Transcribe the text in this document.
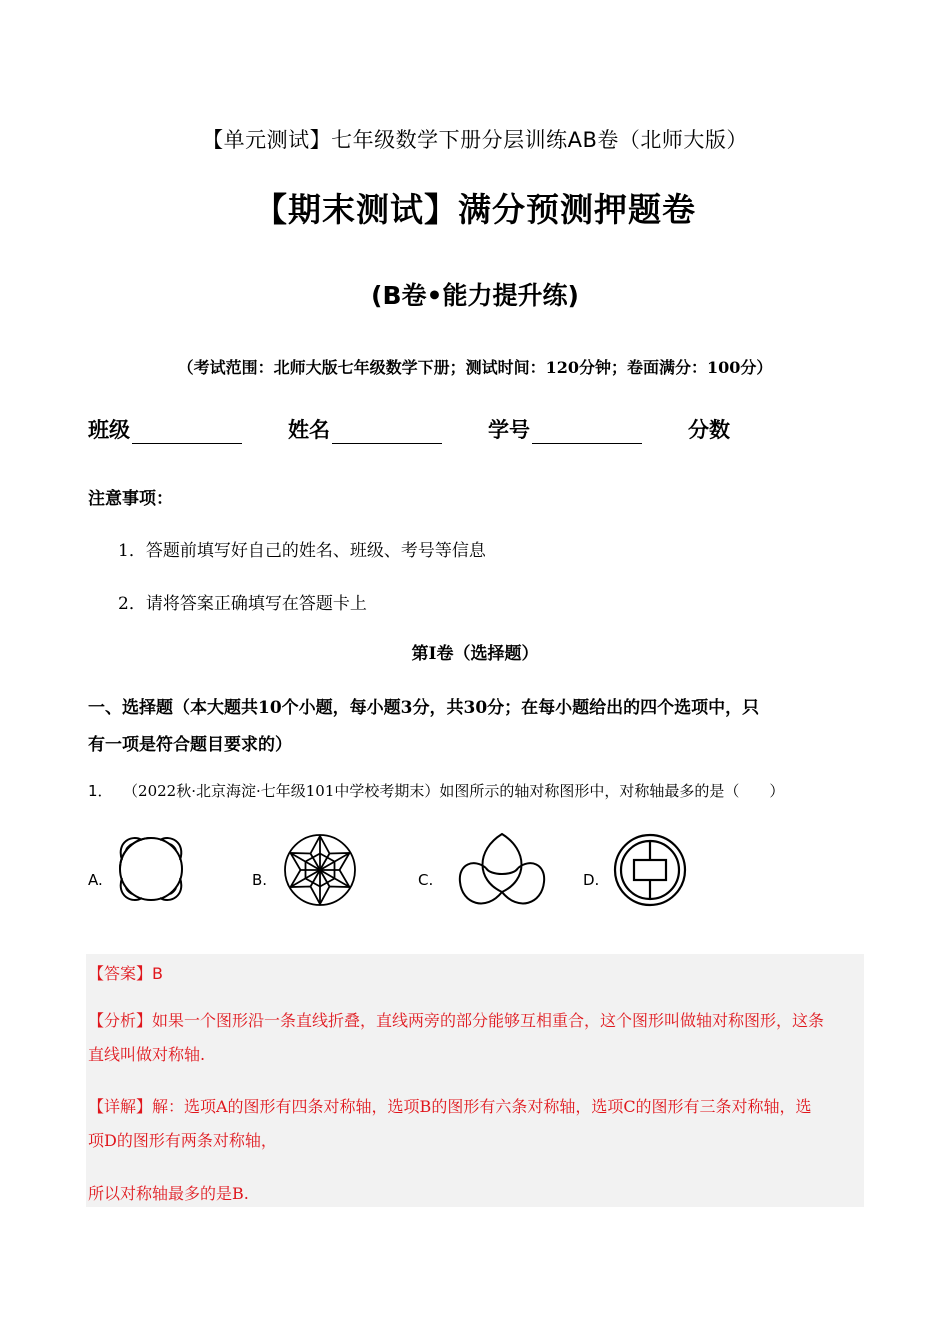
【单元测试】七年级数学下册分层训练AB卷（北师大版）
【期末测试】满分预测押题卷
(B卷•能力提升练)
（考试范围：北师大版七年级数学下册；测试时间：120分钟；卷面满分：100分）
班级	姓名	学号	分数
注意事项：
1．答题前填写好自己的姓名、班级、考号等信息
2．请将答案正确填写在答题卡上
第I卷（选择题）
一、选择题（本大题共10个小题，每小题3分，共30分；在每小题给出的四个选项中，只
有一项是符合题目要求的）
1． （2022秋·北京海淀·七年级101中学校考期末）如图所示的轴对称图形中，对称轴最多的是（　　）
A.	B.	C.	D.
【答案】B
【分析】如果一个图形沿一条直线折叠，直线两旁的部分能够互相重合，这个图形叫做轴对称图形，这条
直线叫做对称轴.
【详解】解：选项A的图形有四条对称轴，选项B的图形有六条对称轴，选项C的图形有三条对称轴，选
项D的图形有两条对称轴，
所以对称轴最多的是B.
